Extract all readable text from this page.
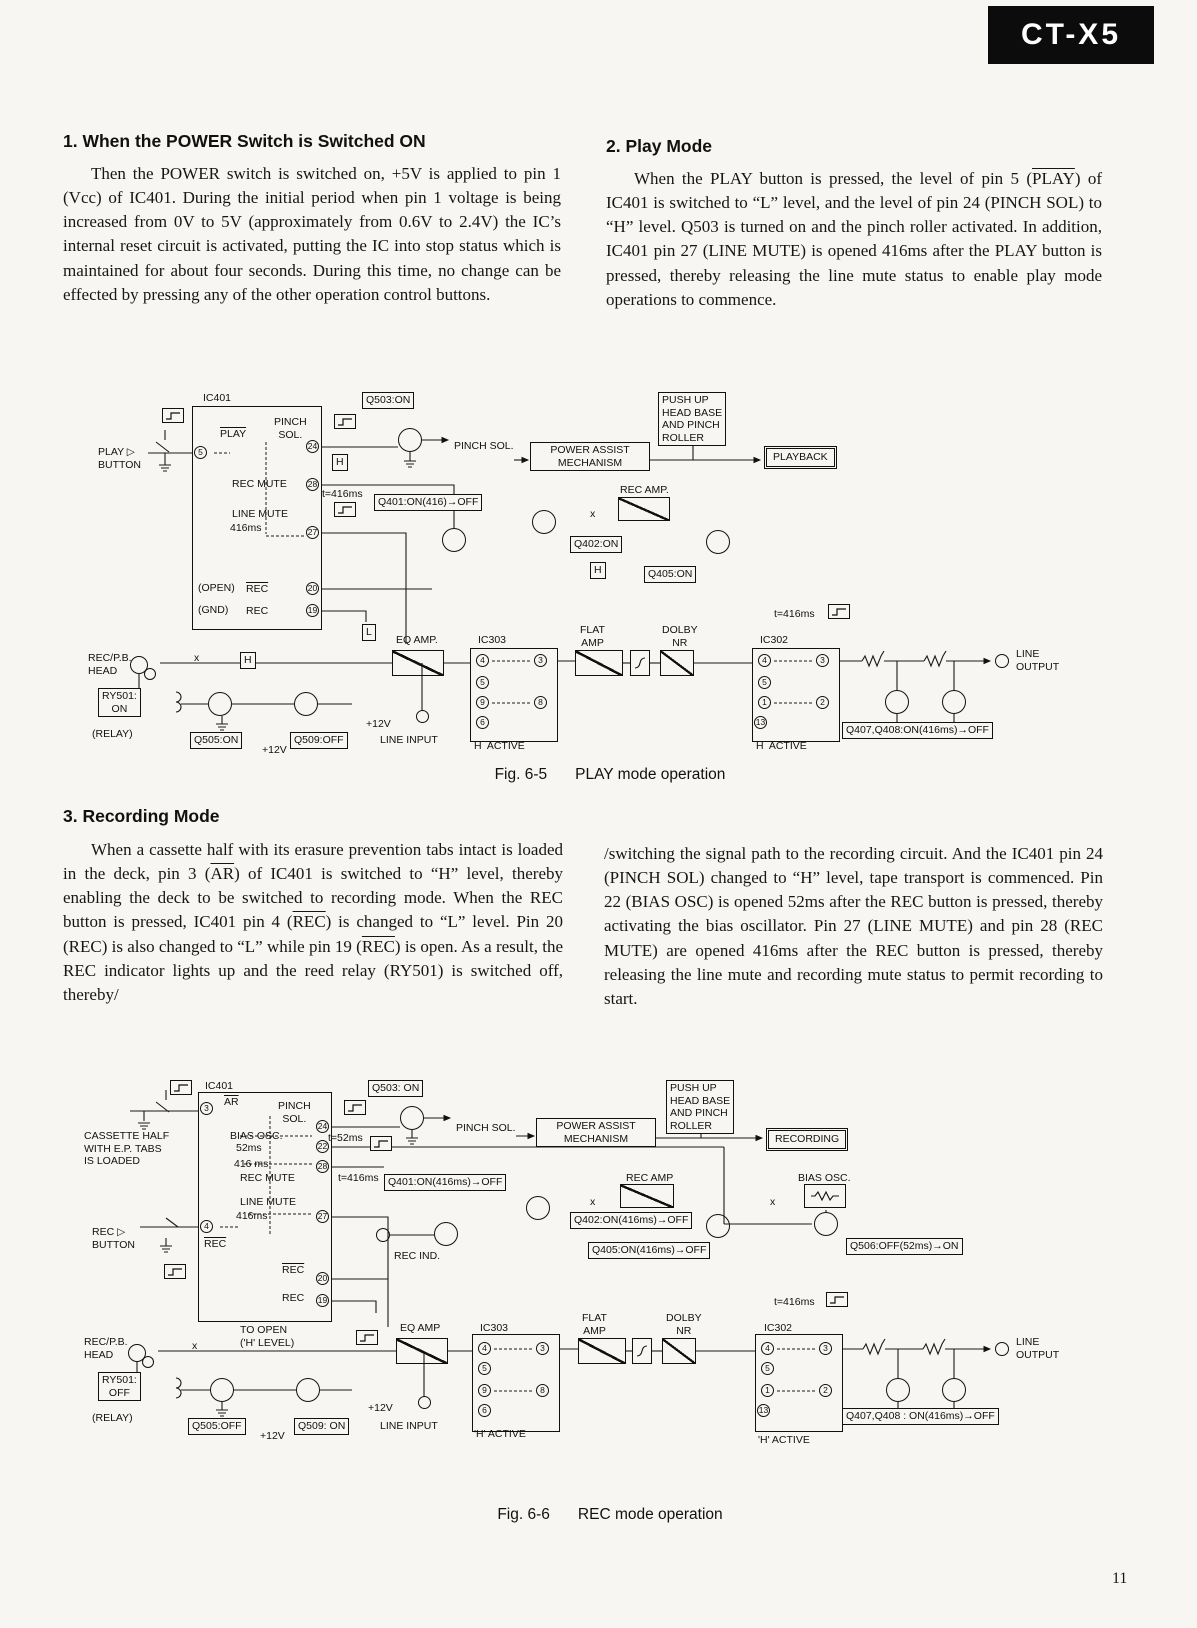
CT-X5
1. When the POWER Switch is Switched ON

Then the POWER switch is switched on, +5V is applied to pin 1 (Vcc) of IC401. During the initial period when pin 1 voltage is being increased from 0V to 5V (approximately from 0.6V to 2.4V) the IC’s internal reset circuit is activated, putting the IC into stop status which is maintained for about four seconds. During this time, no change can be effected by pressing any of the other operation control buttons.

2. Play Mode

When the PLAY button is pressed, the level of pin 5 (PLAY) of IC401 is switched to “L” level, and the level of pin 24 (PINCH SOL) to “H” level. Q503 is turned on and the pinch roller activated. In addition, IC401 pin 27 (LINE MUTE) is opened 416ms after the PLAY button is pressed, thereby releasing the line mute status to enable play mode operations to commence.

IC401
PLAY ▷
BUTTON
PLAY
5
PINCH
SOL.
24
REC MUTE 28
LINE MUTE
416ms	27
(OPEN) $\overline{REC}$	20
(GND) REC	19
Q503:ON
H
PINCH SOL.	POWER ASSIST
MECHANISM
PUSH UP
HEAD BASE
AND PINCH
ROLLER
PLAYBACK
t=416ms
Q401:ON(416)→OFF
REC AMP.
x
Q402:ON
H	Q405:ON
t=416ms
L
EQ AMP.	IC303
4	3
5
9	8
6
FLAT
AMP
DOLBY
NR	IC302
4	3
5
1	2
13
LINE
OUTPUT
Q407,Q408:ON(416ms)→OFF
REC/P.B.
HEAD
x	H
RY501:
ON
(RELAY)	Q505:ON
+12V
Q509:OFF
+12V
LINE INPUT	H  ACTIVE	H  ACTIVE
Fig. 6-5 PLAY mode operation
3. Recording Mode

When a cassette half with its erasure prevention tabs intact is loaded in the deck, pin 3 $(\overline{AR})$ of IC401 is switched to “H” level, thereby enabling the deck to be switched to recording mode. When the REC button is pressed, IC401 pin 4 $(\overline{REC})$ is changed to “L” level. Pin 20 (REC) is also changed to “L” while pin 19 $(\overline{REC})$ is open. As a result, the REC indicator lights up and the reed relay (RY501) is switched off, thereby/

/switching the signal path to the recording circuit. And the IC401 pin 24 (PINCH SOL) changed to “H” level, tape transport is commenced. Pin 22 (BIAS OSC) is opened 52ms after the REC button is pressed, thereby activating the bias oscillator. Pin 27 (LINE MUTE) and pin 28 (REC MUTE) are opened 416ms after the REC button is pressed, thereby releasing the line mute and recording mute status to permit recording to start.

IC401
CASSETTE HALF
WITH E.P. TABS
IS LOADED
3
$\overline{AR}$	PINCH
SOL.
24
BIAS OSC.
52ms	22
416 ms	28
REC MUTE
LINE MUTE
416ms	27
REC ▷
BUTTON
4
$\overline{REC}$
$\overline{REC}$
20
REC 19
TO OPEN
('H' LEVEL)
Q503: ON
t=52ms
PINCH SOL.	POWER ASSIST
MECHANISM
PUSH UP
HEAD BASE
AND PINCH
ROLLER
RECORDING
t=416ms Q401:ON(416ms)→OFF	REC AMP	BIAS OSC.
x	x
Q402:ON(416ms)→OFF
Q405:ON(416ms)→OFF	Q506:OFF(52ms)→ON
REC IND.
t=416ms
EQ AMP	IC303
4	3
5
9	8
6
FLAT
AMP
DOLBY
NR	IC302
4	3
5
1	2
13
LINE
OUTPUT
Q407,Q408 : ON(416ms)→OFF
REC/P.B.
HEAD
x
RY501:
OFF
(RELAY)
Q505:OFF
+12V
Q509: ON
+12V
LINE INPUT
'H' ACTIVE	'H' ACTIVE
Fig. 6-6 REC mode operation
11
